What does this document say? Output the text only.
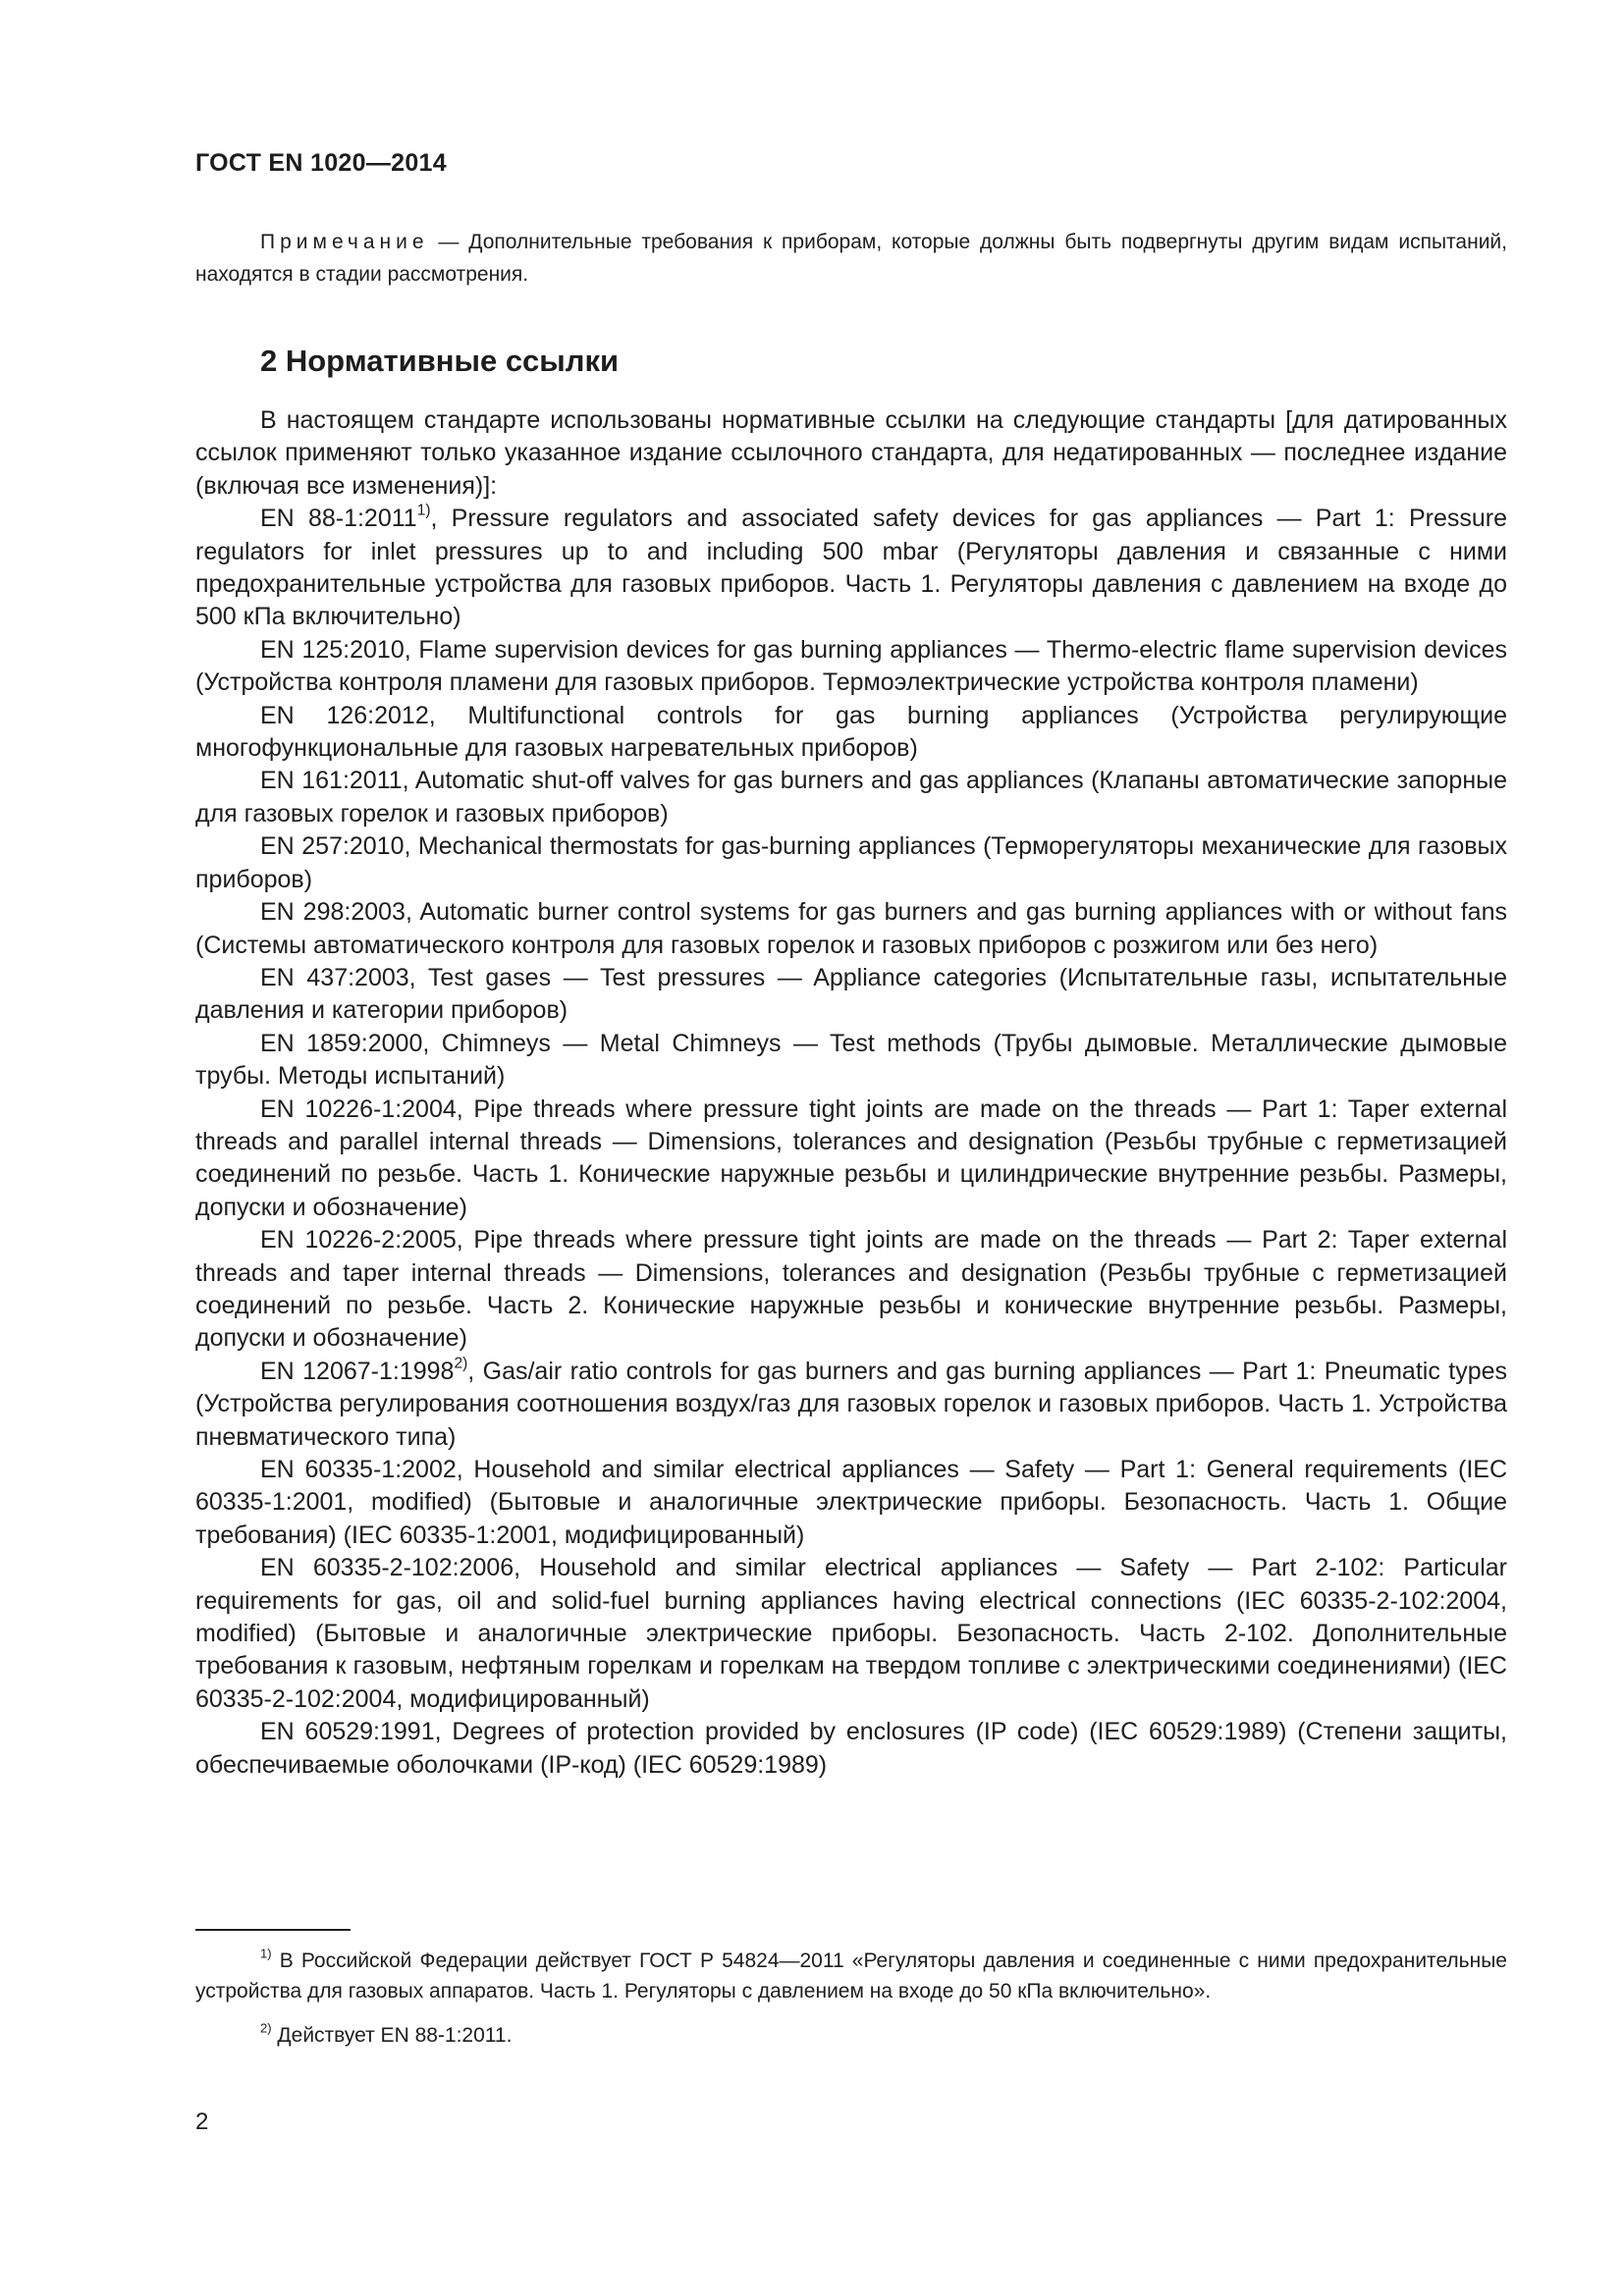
ГОСТ EN 1020—2014

Примечание — Дополнительные требования к приборам, которые должны быть подвергнуты другим видам испытаний, находятся в стадии рассмотрения.

2 Нормативные ссылки

В настоящем стандарте использованы нормативные ссылки на следующие стандарты [для датированных ссылок применяют только указанное издание ссылочного стандарта, для недатированных — последнее издание (включая все изменения)]:

EN 88-1:2011$^{1)}$, Pressure regulators and associated safety devices for gas appliances — Part 1: Pressure regulators for inlet pressures up to and including 500 mbar (Регуляторы давления и связанные с ними предохранительные устройства для газовых приборов. Часть 1. Регуляторы давления с давлением на входе до 500 кПа включительно)

EN 125:2010, Flame supervision devices for gas burning appliances — Thermo-electric flame supervision devices (Устройства контроля пламени для газовых приборов. Термоэлектрические устройства контроля пламени)

EN 126:2012, Multifunctional controls for gas burning appliances (Устройства регулирующие многофункциональные для газовых нагревательных приборов)

EN 161:2011, Automatic shut-off valves for gas burners and gas appliances (Клапаны автоматические запорные для газовых горелок и газовых приборов)

EN 257:2010, Mechanical thermostats for gas-burning appliances (Терморегуляторы механические для газовых приборов)

EN 298:2003, Automatic burner control systems for gas burners and gas burning appliances with or without fans (Системы автоматического контроля для газовых горелок и газовых приборов с розжигом или без него)

EN 437:2003, Test gases — Test pressures — Appliance categories (Испытательные газы, испытательные давления и категории приборов)

EN 1859:2000, Chimneys — Metal Chimneys — Test methods (Трубы дымовые. Металлические дымовые трубы. Методы испытаний)

EN 10226-1:2004, Pipe threads where pressure tight joints are made on the threads — Part 1: Taper external threads and parallel internal threads — Dimensions, tolerances and designation (Резьбы трубные с герметизацией соединений по резьбе. Часть 1. Конические наружные резьбы и цилиндрические внутренние резьбы. Размеры, допуски и обозначение)

EN 10226-2:2005, Pipe threads where pressure tight joints are made on the threads — Part 2: Taper external threads and taper internal threads — Dimensions, tolerances and designation (Резьбы трубные с герметизацией соединений по резьбе. Часть 2. Конические наружные резьбы и конические внутренние резьбы. Размеры, допуски и обозначение)

EN 12067-1:1998$^{2)}$, Gas/air ratio controls for gas burners and gas burning appliances — Part 1: Pneumatic types (Устройства регулирования соотношения воздух/газ для газовых горелок и газовых приборов. Часть 1. Устройства пневматического типа)

EN 60335-1:2002, Household and similar electrical appliances — Safety — Part 1: General requirements (IEC 60335-1:2001, modified) (Бытовые и аналогичные электрические приборы. Безопасность. Часть 1. Общие требования) (IEC 60335-1:2001, модифицированный)

EN 60335-2-102:2006, Household and similar electrical appliances — Safety — Part 2-102: Particular requirements for gas, oil and solid-fuel burning appliances having electrical connections (IEC 60335-2-102:2004, modified) (Бытовые и аналогичные электрические приборы. Безопасность. Часть 2-102. Дополнительные требования к газовым, нефтяным горелкам и горелкам на твердом топливе с электрическими соединениями) (IEC 60335-2-102:2004, модифицированный)

EN 60529:1991, Degrees of protection provided by enclosures (IP code) (IEC 60529:1989) (Степени защиты, обеспечиваемые оболочками (IP-код) (IEC 60529:1989)

$^{1)}$ В Российской Федерации действует ГОСТ Р 54824—2011 «Регуляторы давления и соединенные с ними предохранительные устройства для газовых аппаратов. Часть 1. Регуляторы с давлением на входе до 50 кПа включительно».

$^{2)}$ Действует EN 88-1:2011.

2
